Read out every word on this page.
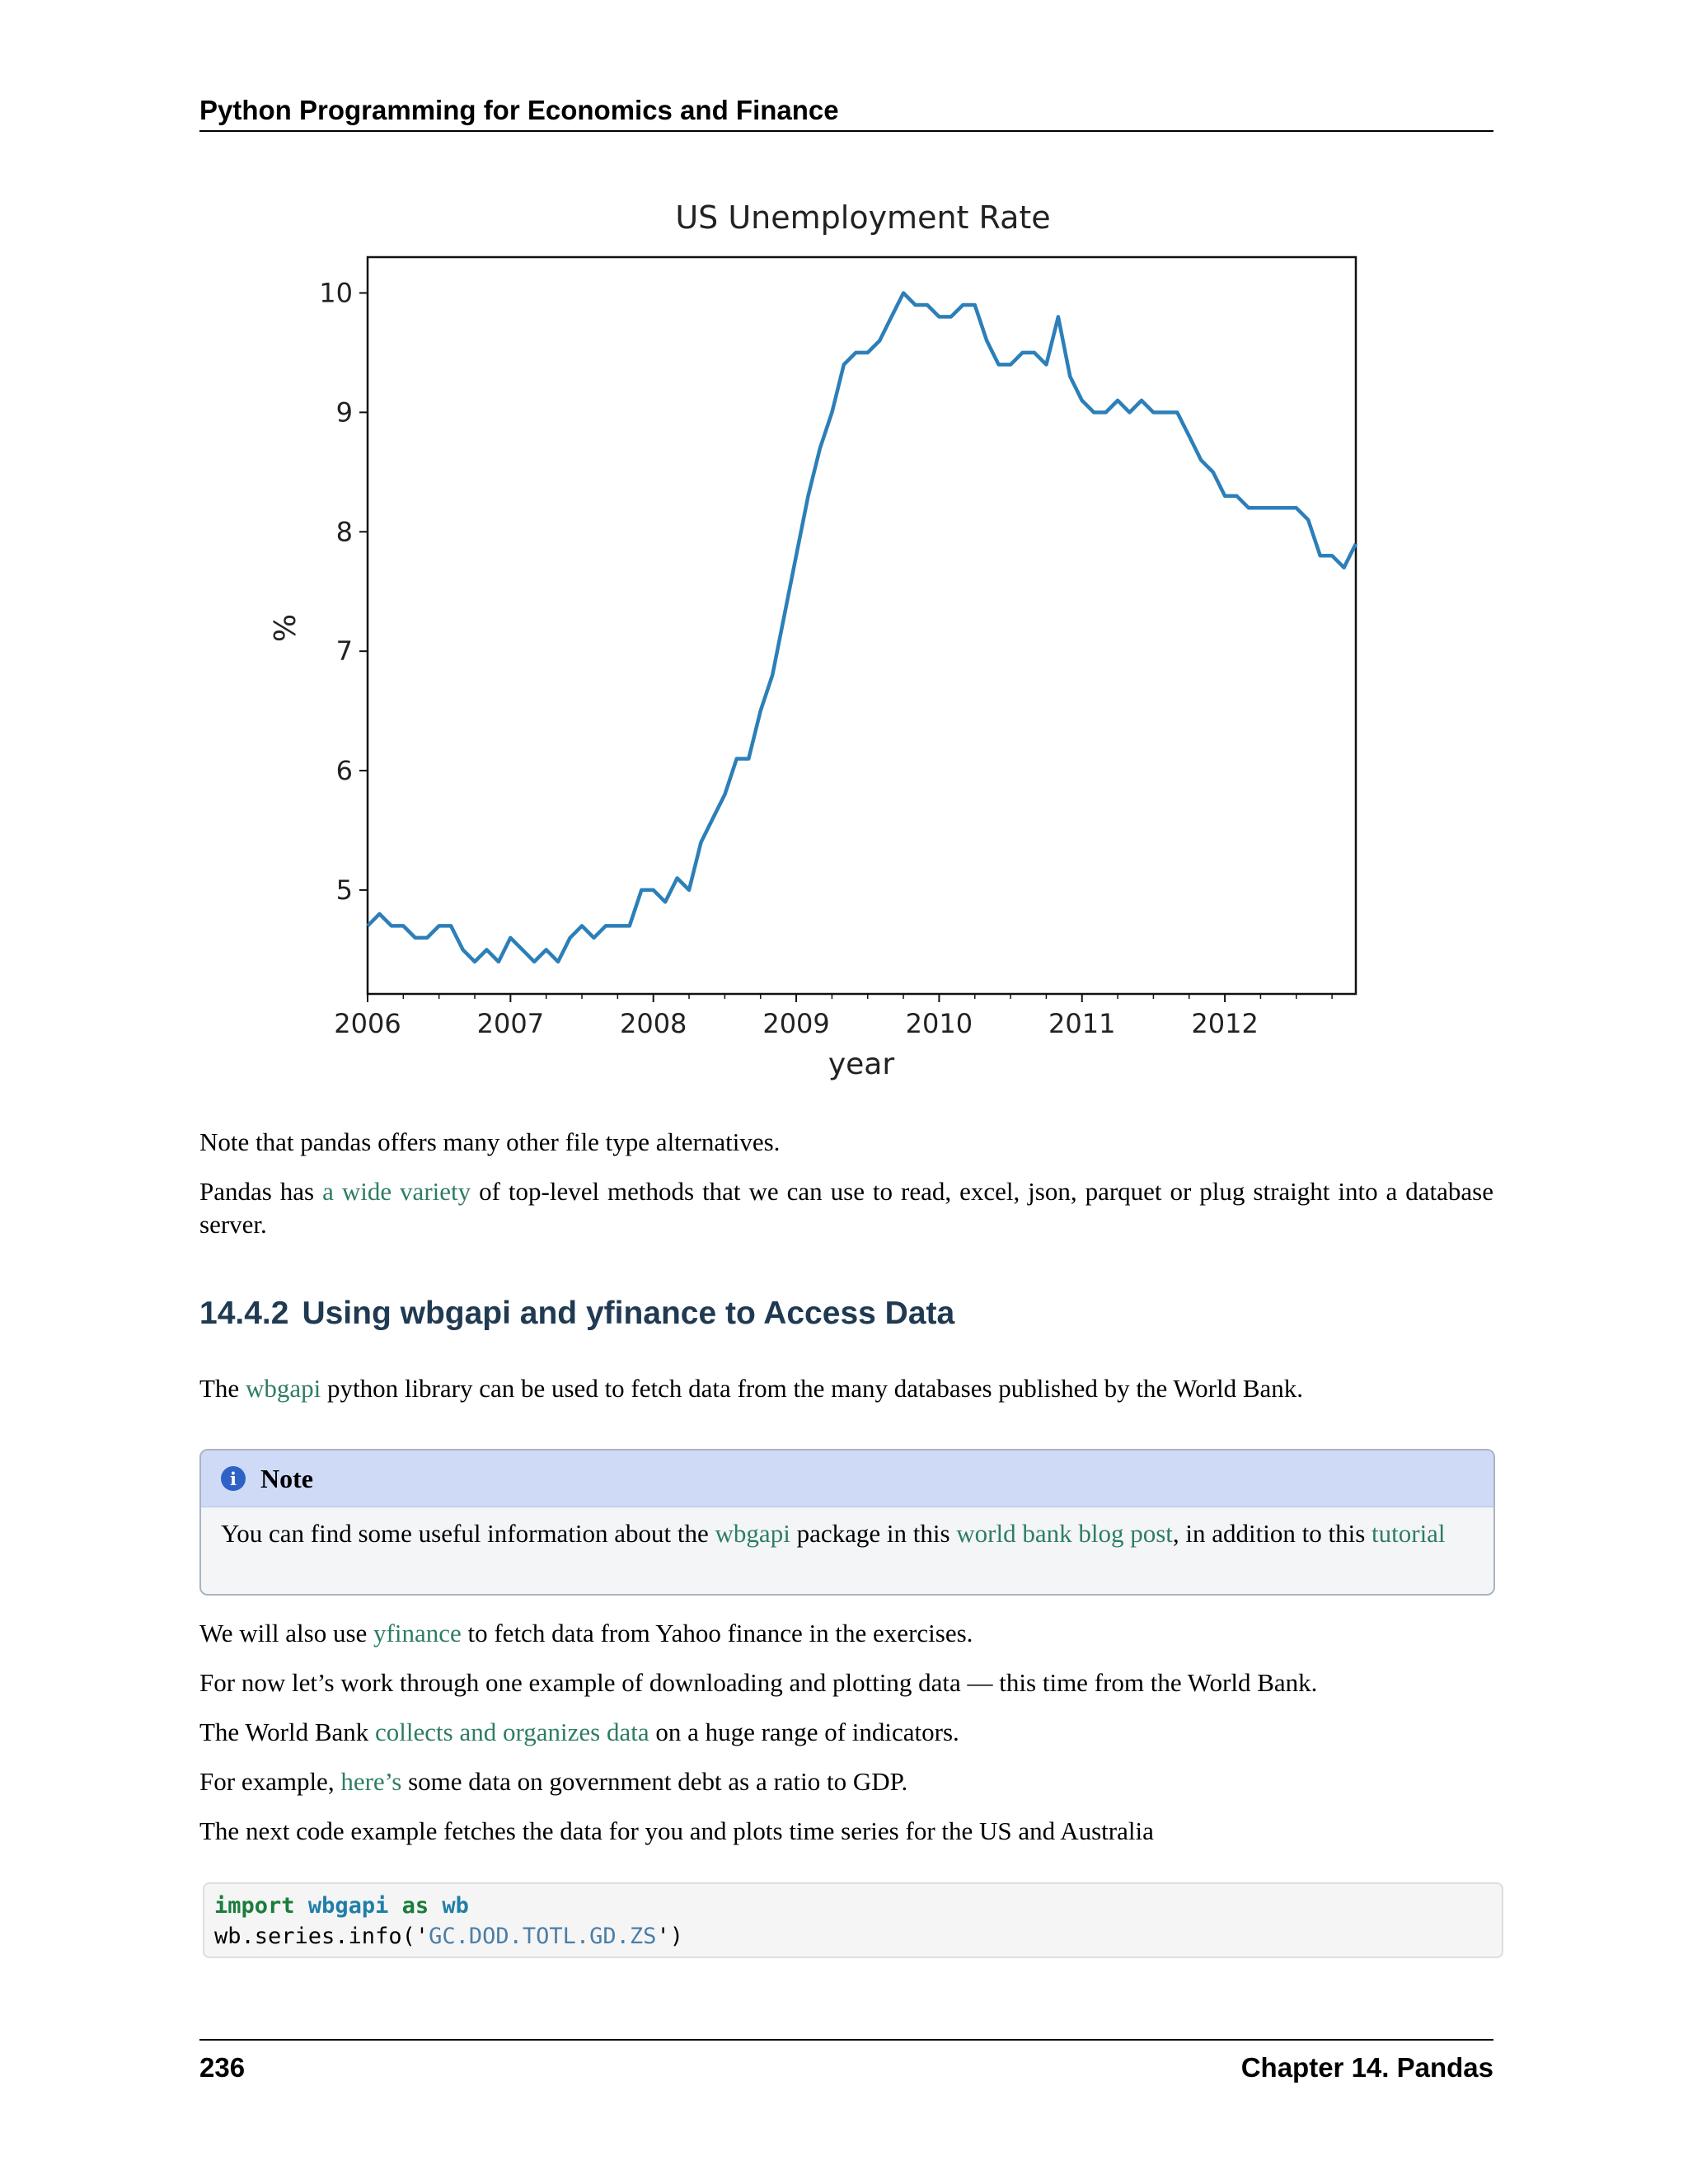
Python Programming for Economics and Finance
US Unemployment Rate
5
6
7
8
9
10
2006	2007	2008	2009	2010	2011	2012
%
year
Note that pandas offers many other file type alternatives.
Pandas has a wide variety of top-level methods that we can use to read, excel, json, parquet or plug straight into a database server.
14.4.2 Using wbgapi and yfinance to Access Data
The wbgapi python library can be used to fetch data from the many databases published by the World Bank.
i Note
You can find some useful information about the wbgapi package in this world bank blog post, in addition to this tutorial
We will also use yfinance to fetch data from Yahoo finance in the exercises.
For now let’s work through one example of downloading and plotting data — this time from the World Bank.
The World Bank collects and organizes data on a huge range of indicators.
For example, here’s some data on government debt as a ratio to GDP.
The next code example fetches the data for you and plots time series for the US and Australia
import wbgapi as wb
wb.series.info('GC.DOD.TOTL.GD.ZS')
236	Chapter 14. Pandas
